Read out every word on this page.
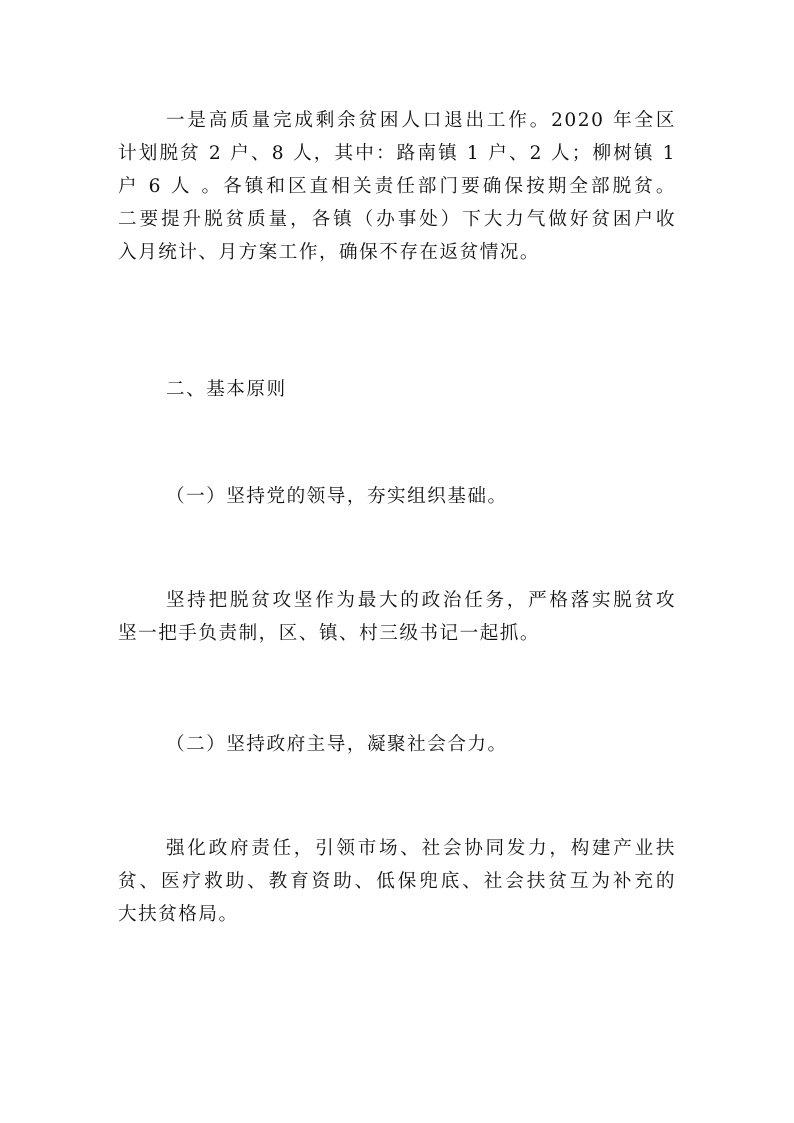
一是高质量完成剩余贫困人口退出工作。2020 年全区
计划脱贫 2 户、8 人，其中：路南镇 1 户、2 人；柳树镇 1
户 6 人 。各镇和区直相关责任部门要确保按期全部脱贫。
二要提升脱贫质量，各镇（办事处）下大力气做好贫困户收
入月统计、月方案工作，确保不存在返贫情况。

二、基本原则

（一）坚持党的领导，夯实组织基础。

坚持把脱贫攻坚作为最大的政治任务，严格落实脱贫攻
坚一把手负责制，区、镇、村三级书记一起抓。

（二）坚持政府主导，凝聚社会合力。

强化政府责任，引领市场、社会协同发力，构建产业扶
贫、医疗救助、教育资助、低保兜底、社会扶贫互为补充的
大扶贫格局。
